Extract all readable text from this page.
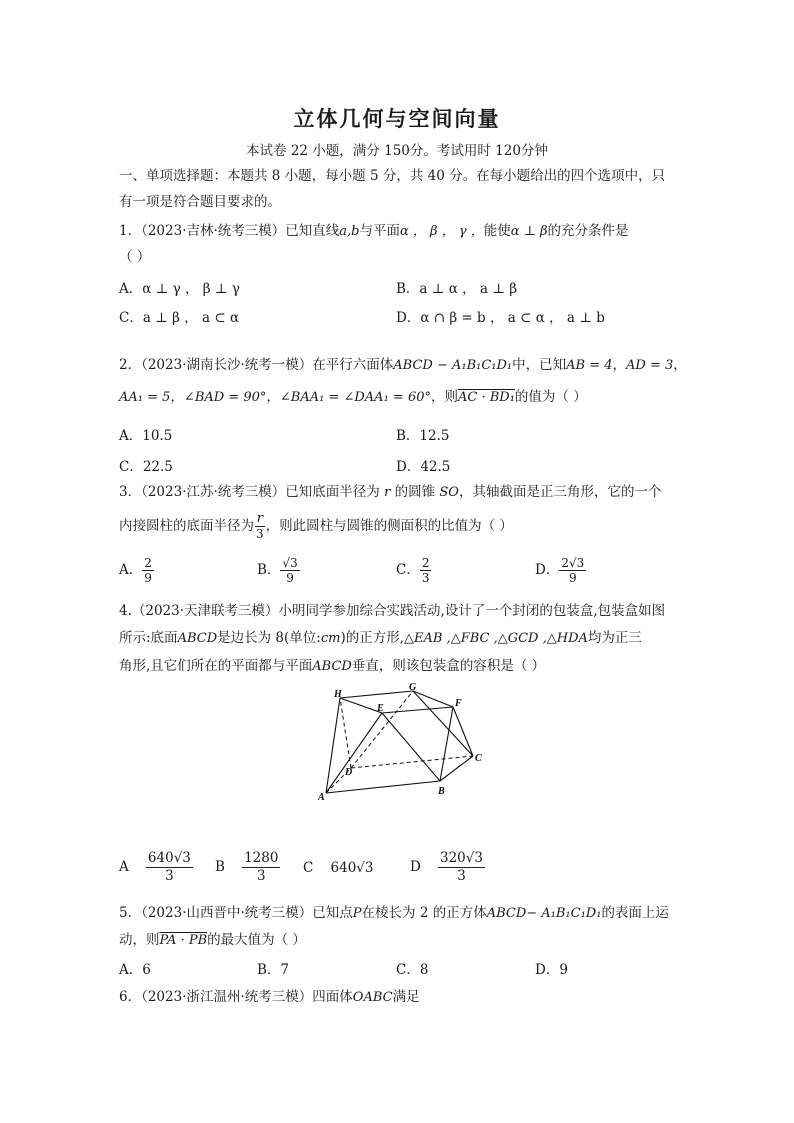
立体几何与空间向量
本试卷 22 小题，满分 150分。考试用时 120分钟
一、单项选择题：本题共 8 小题，每小题 5 分，共 40 分。在每小题给出的四个选项中，只
有一项是符合题目要求的。
1．（2023·吉林·统考三模）已知直线a,b与平面α ， β ， γ ，能使α ⊥ β的充分条件是
（ ）
A．α ⊥ γ ， β ⊥ γ	B．a ⊥ α ， a ⊥ β
C．a ⊥ β ， a ⊂ α	D．α ∩ β = b ， a ⊂ α ， a ⊥ b
2．（2023·湖南长沙·统考一模）在平行六面体ABCD − A₁B₁C₁D₁中，已知AB = 4，AD = 3，
AA₁ = 5，∠BAD = 90°，∠BAA₁ = ∠DAA₁ = 60°，则AC · BD₁的值为（ ）
A．10.5	B．12.5
C．22.5	D．42.5
3．（2023·江苏·统考三模）已知底面半径为 r 的圆锥 SO，其轴截面是正三角形，它的一个
内接圆柱的底面半径为 $\frac{r}{3}$ ，则此圆柱与圆锥的侧面积的比值为（ ）
A． $\frac{2}{9}$	B． $\frac{√3}{9}$	C． $\frac{2}{3}$	D． $\frac{2√3}{9}$
4.（2023·天津联考三模）小明同学参加综合实践活动,设计了一个封闭的包装盒,包装盒如图
所示:底面ABCD是边长为 8(单位:cm)的正方形,△EAB ,△FBC ,△GCD ,△HDA均为正三
角形,且它们所在的平面都与平面ABCD垂直，则该包装盒的容积是（ ）
H
G
F
E
D
C
A
B
A $\frac{640√3}{3}$ B $\frac{1280}{3}$ C 640√3	D $\frac{320√3}{3}$
5．（2023·山西晋中·统考三模）已知点P在棱长为 2 的正方体ABCD− A₁B₁C₁D₁的表面上运
动，则PA · PB的最大值为（ ）
A．6	B．7	C．8	D．9
6．（2023·浙江温州·统考三模）四面体OABC满足
